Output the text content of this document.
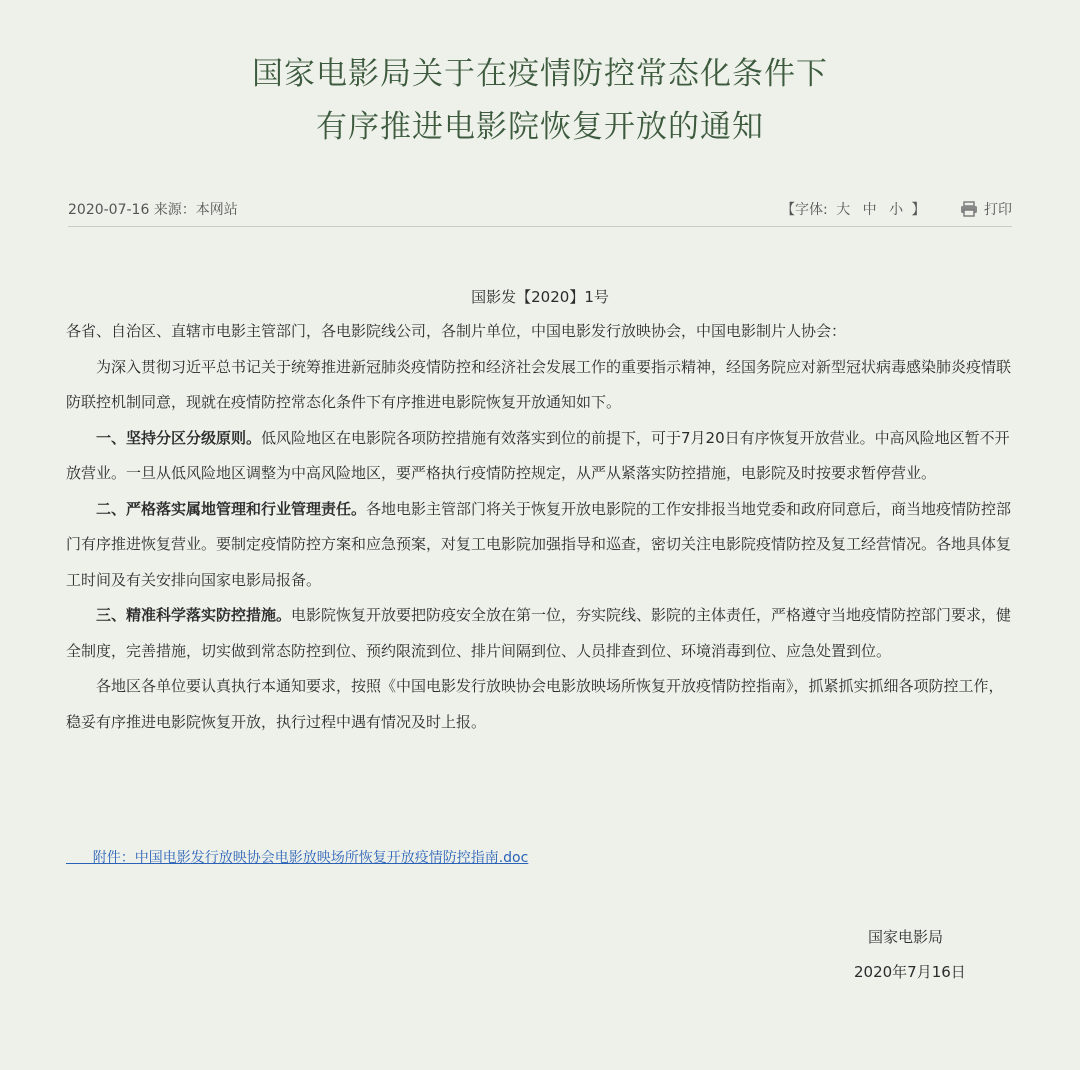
国家电影局关于在疫情防控常态化条件下
有序推进电影院恢复开放的通知
2020-07-16 来源：本网站	【字体: 大 中 小 】	打印
国影发【2020】1号

各省、自治区、直辖市电影主管部门，各电影院线公司，各制片单位，中国电影发行放映协会，中国电影制片人协会：

为深入贯彻习近平总书记关于统筹推进新冠肺炎疫情防控和经济社会发展工作的重要指示精神，经国务院应对新型冠状病毒感染肺炎疫情联防联控机制同意，现就在疫情防控常态化条件下有序推进电影院恢复开放通知如下。

一、坚持分区分级原则。低风险地区在电影院各项防控措施有效落实到位的前提下，可于7月20日有序恢复开放营业。中高风险地区暂不开放营业。一旦从低风险地区调整为中高风险地区，要严格执行疫情防控规定，从严从紧落实防控措施，电影院及时按要求暂停营业。

二、严格落实属地管理和行业管理责任。各地电影主管部门将关于恢复开放电影院的工作安排报当地党委和政府同意后，商当地疫情防控部门有序推进恢复营业。要制定疫情防控方案和应急预案，对复工电影院加强指导和巡查，密切关注电影院疫情防控及复工经营情况。各地具体复工时间及有关安排向国家电影局报备。

三、精准科学落实防控措施。电影院恢复开放要把防疫安全放在第一位，夯实院线、影院的主体责任，严格遵守当地疫情防控部门要求，健全制度，完善措施，切实做到常态防控到位、预约限流到位、排片间隔到位、人员排查到位、环境消毒到位、应急处置到位。

各地区各单位要认真执行本通知要求，按照《中国电影发行放映协会电影放映场所恢复开放疫情防控指南》，抓紧抓实抓细各项防控工作，稳妥有序推进电影院恢复开放，执行过程中遇有情况及时上报。

附件：中国电影发行放映协会电影放映场所恢复开放疫情防控指南.doc
国家电影局
2020年7月16日
